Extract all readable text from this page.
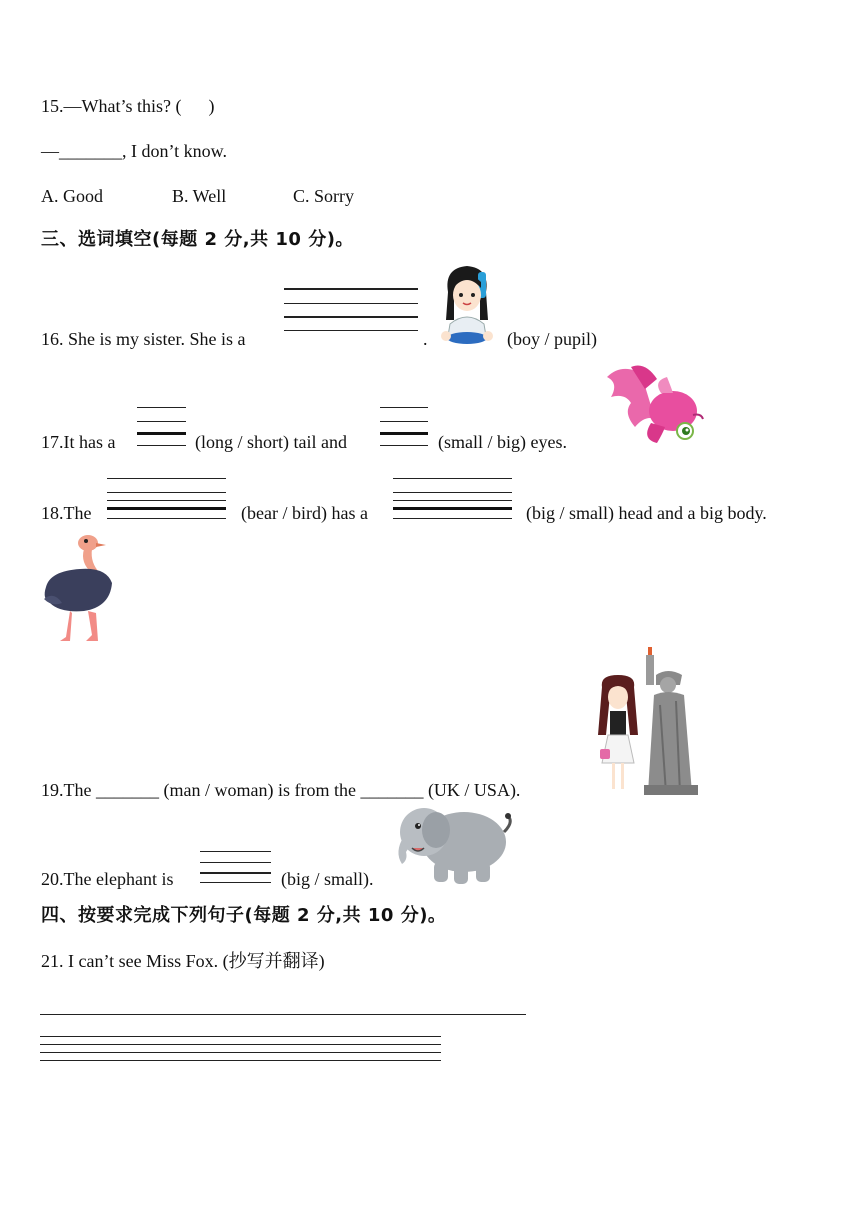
15.—What’s this? (      )
—_______, I don’t know.
A. Good	B. Well	C. Sorry
三、选词填空(每题 2 分,共 10 分)。
16. She is my sister. She is a	.	(boy / pupil)
17.It has a	(long / short) tail and	(small / big) eyes.
18.The	(bear / bird) has a	(big / small) head and a big body.
19.The _______ (man / woman) is from the _______ (UK / USA).
20.The elephant is	(big / small).
四、按要求完成下列句子(每题 2 分,共 10 分)。
21. I can’t see Miss Fox. (抄写并翻译)
